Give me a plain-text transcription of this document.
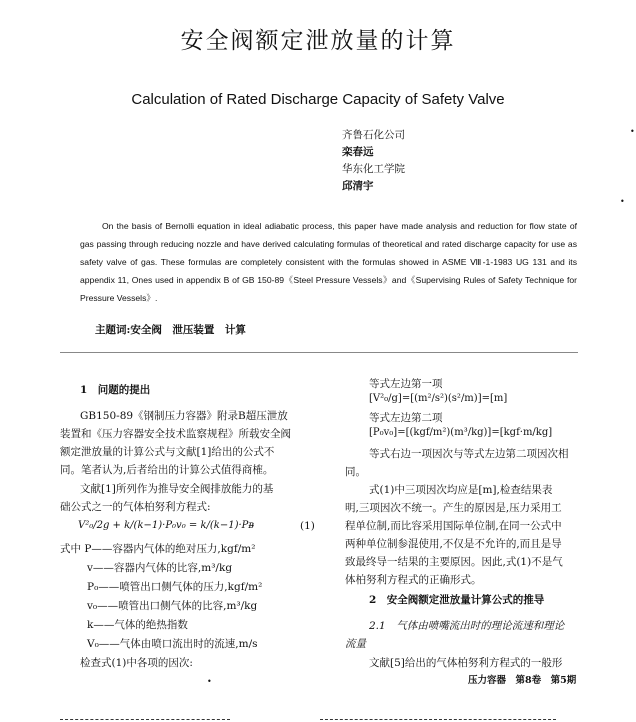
安全阀额定泄放量的计算
Calculation of Rated Discharge Capacity of Safety Valve
齐鲁石化公司
栾春远
华东化工学院
邱清宇

On the basis of Bernolli equation in ideal adiabatic process, this paper have made analysis and reduction for flow state of gas passing through reducing nozzle and have derived calculating formulas of theoretical and rated discharge capacity for use as safety valve of gas. These formulas are completely consistent with the formulas showed in ASME Ⅷ-1-1983 UG 131 and its appendix 11, Ones used in appendix B of GB 150-89《Steel Pressure Vessels》and《Supervising Rules of Safety Technique for Pressure Vessels》.

主题词:安全阀　泄压装置　计算
1　问题的提出
GB150-89《钢制压力容器》附录B超压泄放
装置和《压力容器安全技术监察规程》所载安全阀
额定泄放量的计算公式与文献[1]给出的公式不
同。笔者认为,后者给出的计算公式值得商榷。
文献[1]所列作为推导安全阀排放能力的基
础公式之一的气体柏努利方程式:
V²₀/2g + k/(k−1)·P₀v₀ = k/(k−1)·Pᴃ	(1)
式中 P——容器内气体的绝对压力,kgf/m²
v——容器内气体的比容,m³/kg
P₀——喷管出口侧气体的压力,kgf/m²
v₀——喷管出口侧气体的比容,m³/kg
k——气体的绝热指数
V₀——气体由喷口流出时的流速,m/s
检查式(1)中各项的因次:
等式左边第一项
[V²₀/g]=[(m²/s²)(s²/m)]=[m]
等式左边第二项
[P₀v₀]=[(kgf/m²)(m³/kg)]=[kgf·m/kg]
等式右边一项因次与等式左边第二项因次相
同。
式(1)中三项因次均应是[m],检查结果表
明,三项因次不统一。产生的原因是,压力采用工
程单位制,而比容采用国际单位制,在同一公式中
两种单位制参混使用,不仅是不允许的,而且是导
致最终导一结果的主要原因。因此,式(1)不是气
体柏努利方程式的正确形式。
2　安全阀额定泄放量计算公式的推导
2.1　气体由喷嘴流出时的理论流速和理论
流量
文献[5]给出的气体柏努利方程式的一般形
压力容器　第8卷　第5期
•
•
•
